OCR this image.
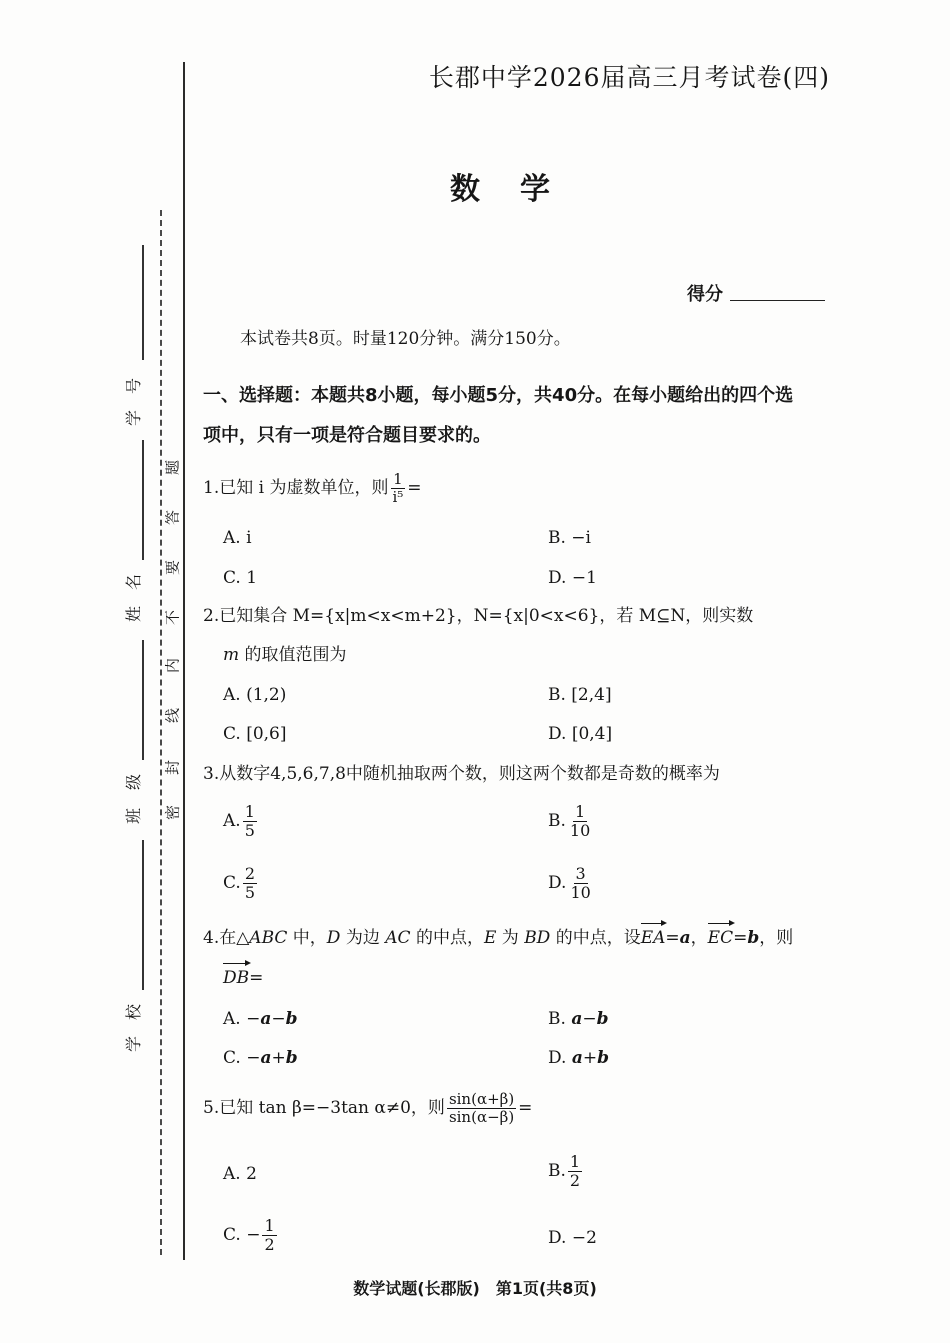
密
封
线
内
不
要
答
题
学
号
姓
名
班
级
学
校
长郡中学2026届高三月考试卷(四)
数学
得分
本试卷共8页。时量120分钟。满分150分。
一、选择题：本题共8小题，每小题5分，共40分。在每小题给出的四个选
项中，只有一项是符合题目要求的。
1.已知 i 为虚数单位，则 $\frac{1}{\text{i⁵}}$ =
A. i	B. −i
C. 1	D. −1
2.已知集合 M={x|m<x<m+2}，N={x|0<x<6}，若 M⊆N，则实数
m 的取值范围为
A. (1,2)	B. [2,4]
C. [0,6]	D. [0,4]
3.从数字4,5,6,7,8中随机抽取两个数，则这两个数都是奇数的概率为
A. $\frac{1}{5}$	B. $\frac{1}{10}$
C. $\frac{2}{5}$	D. $\frac{3}{10}$
4.在△ABC 中，D 为边 AC 的中点，E 为 BD 的中点，设EA=a，EC=b，则
DB=
A. −a−b	B. a−b
C. −a+b	D. a+b
5.已知 tan β=−3tan α≠0，则 $\frac{\sin(\alpha+\beta)}{\sin(\alpha-\beta)}$ =
A. 2	B. $\frac{1}{2}$
C. − $\frac{1}{2}$	D. −2
数学试题(长郡版)　第1页(共8页)
